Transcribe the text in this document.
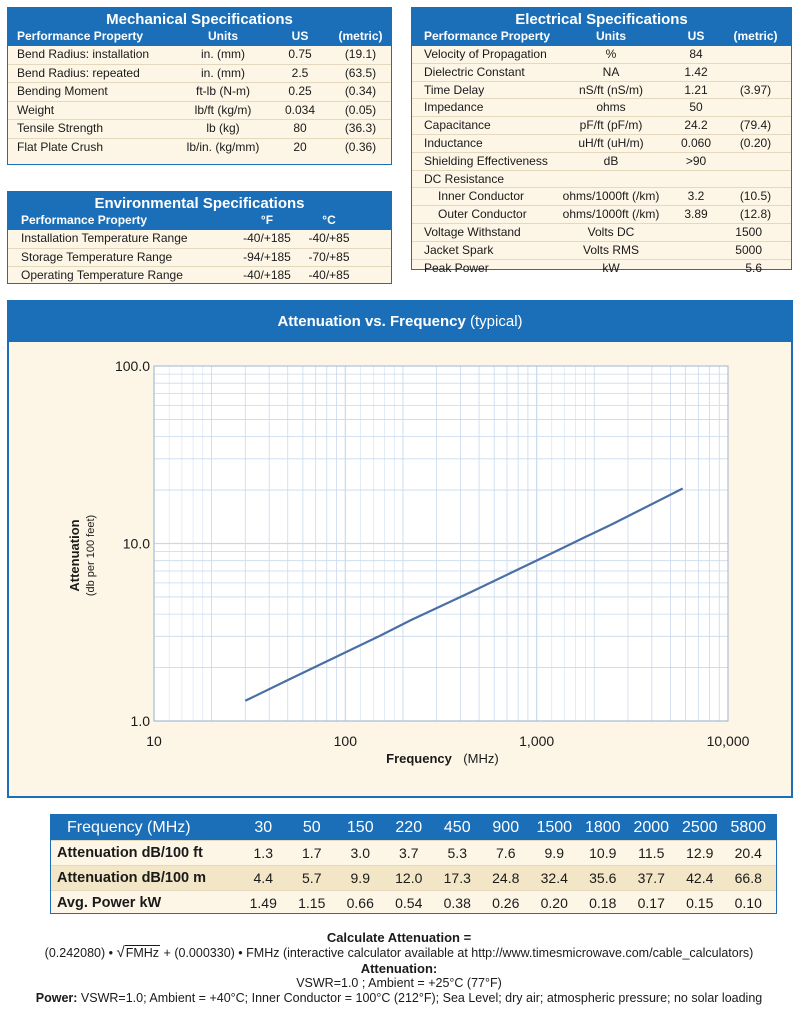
Mechanical Specifications
Performance Property	Units	US	(metric)
Bend Radius: installation	in. (mm)	0.75	(19.1)
Bend Radius: repeated	in. (mm)	2.5	(63.5)
Bending Moment	ft-lb (N-m)	0.25	(0.34)
Weight	lb/ft (kg/m)	0.034	(0.05)
Tensile Strength	lb (kg)	80	(36.3)
Flat Plate Crush	lb/in. (kg/mm)	20	(0.36)
Environmental Specifications
Performance Property	°F	°C
Installation Temperature Range	-40/+185	-40/+85
Storage Temperature Range	-94/+185	-70/+85
Operating Temperature Range	-40/+185	-40/+85
Electrical Specifications
Performance Property	Units	US	(metric)
Velocity of Propagation	%	84
Dielectric Constant	NA	1.42
Time Delay	nS/ft (nS/m)	1.21	(3.97)
Impedance	ohms	50
Capacitance	pF/ft (pF/m)	24.2	(79.4)
Inductance	uH/ft (uH/m)	0.060	(0.20)
Shielding Effectiveness	dB	>90
DC Resistance
Inner Conductor	ohms/1000ft (/km)	3.2	(10.5)
Outer Conductor	ohms/1000ft (/km)	3.89	(12.8)
Voltage Withstand	Volts DC	1500
Jacket Spark	Volts RMS	5000
Peak Power	kW	5.6
Attenuation vs. Frequency (typical)
10	100	1,000	10,000
1.0
10.0
100.0
Frequency (MHz)
Attenuation (db per 100 feet)
Frequency (MHz)	30	50	150	220	450	900	1500 1800 2000 2500 5800
Attenuation dB/100 ft	1.3	1.7	3.0	3.7	5.3	7.6	9.9	10.9	11.5	12.9	20.4
Attenuation dB/100 m	4.4	5.7	9.9	12.0	17.3	24.8	32.4	35.6	37.7	42.4	66.8
Avg. Power kW	1.49	1.15	0.66	0.54	0.38	0.26	0.20	0.18	0.17	0.15	0.10
Calculate Attenuation =
(0.242080) • √FMHz + (0.000330) • FMHz (interactive calculator available at http://www.timesmicrowave.com/cable_calculators)
Attenuation:
VSWR=1.0 ; Ambient = +25°C (77°F)
Power: VSWR=1.0; Ambient = +40°C; Inner Conductor = 100°C (212°F); Sea Level; dry air; atmospheric pressure; no solar loading
